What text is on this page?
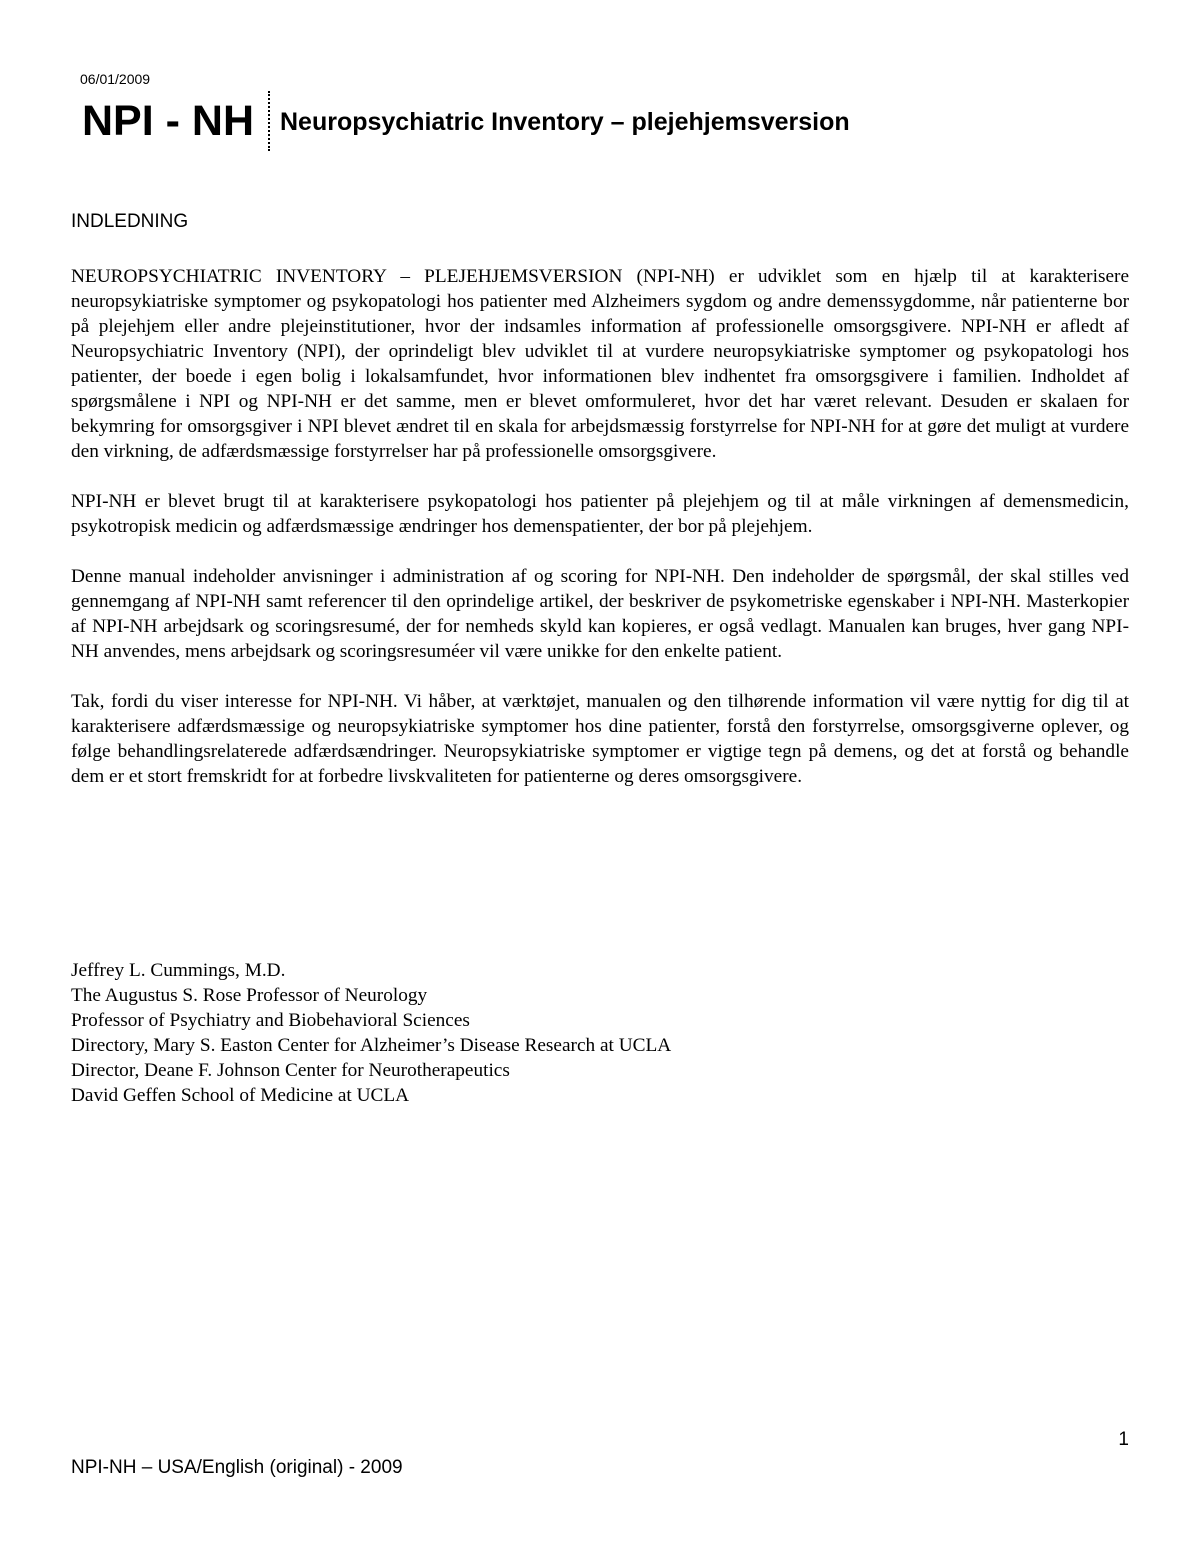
06/01/2009
NPI - NH	Neuropsychiatric Inventory – plejehjemsversion
INDLEDNING

NEUROPSYCHIATRIC INVENTORY – PLEJEHJEMSVERSION (NPI-NH) er udviklet som en hjælp til at karakterisere neuropsykiatriske symptomer og psykopatologi hos patienter med Alzheimers sygdom og andre demenssygdomme, når patienterne bor på plejehjem eller andre plejeinstitutioner, hvor der indsamles information af professionelle omsorgsgivere. NPI-NH er afledt af Neuropsychiatric Inventory (NPI), der oprindeligt blev udviklet til at vurdere neuropsykiatriske symptomer og psykopatologi hos patienter, der boede i egen bolig i lokalsamfundet, hvor informationen blev indhentet fra omsorgsgivere i familien. Indholdet af spørgsmålene i NPI og NPI-NH er det samme, men er blevet omformuleret, hvor det har været relevant. Desuden er skalaen for bekymring for omsorgsgiver i NPI blevet ændret til en skala for arbejdsmæssig forstyrrelse for NPI-NH for at gøre det muligt at vurdere den virkning, de adfærdsmæssige forstyrrelser har på professionelle omsorgsgivere.

NPI-NH er blevet brugt til at karakterisere psykopatologi hos patienter på plejehjem og til at måle virkningen af demensmedicin, psykotropisk medicin og adfærdsmæssige ændringer hos demenspatienter, der bor på plejehjem.

Denne manual indeholder anvisninger i administration af og scoring for NPI-NH. Den indeholder de spørgsmål, der skal stilles ved gennemgang af NPI-NH samt referencer til den oprindelige artikel, der beskriver de psykometriske egenskaber i NPI-NH. Masterkopier af NPI-NH arbejdsark og scoringsresumé, der for nemheds skyld kan kopieres, er også vedlagt. Manualen kan bruges, hver gang NPI-NH anvendes, mens arbejdsark og scoringsresuméer vil være unikke for den enkelte patient.

Tak, fordi du viser interesse for NPI-NH. Vi håber, at værktøjet, manualen og den tilhørende information vil være nyttig for dig til at karakterisere adfærdsmæssige og neuropsykiatriske symptomer hos dine patienter, forstå den forstyrrelse, omsorgsgiverne oplever, og følge behandlingsrelaterede adfærdsændringer. Neuropsykiatriske symptomer er vigtige tegn på demens, og det at forstå og behandle dem er et stort fremskridt for at forbedre livskvaliteten for patienterne og deres omsorgsgivere.

Jeffrey L. Cummings, M.D.
The Augustus S. Rose Professor of Neurology
Professor of Psychiatry and Biobehavioral Sciences
Directory, Mary S. Easton Center for Alzheimer’s Disease Research at UCLA
Director, Deane F. Johnson Center for Neurotherapeutics
David Geffen School of Medicine at UCLA
1
NPI-NH – USA/English (original) - 2009
